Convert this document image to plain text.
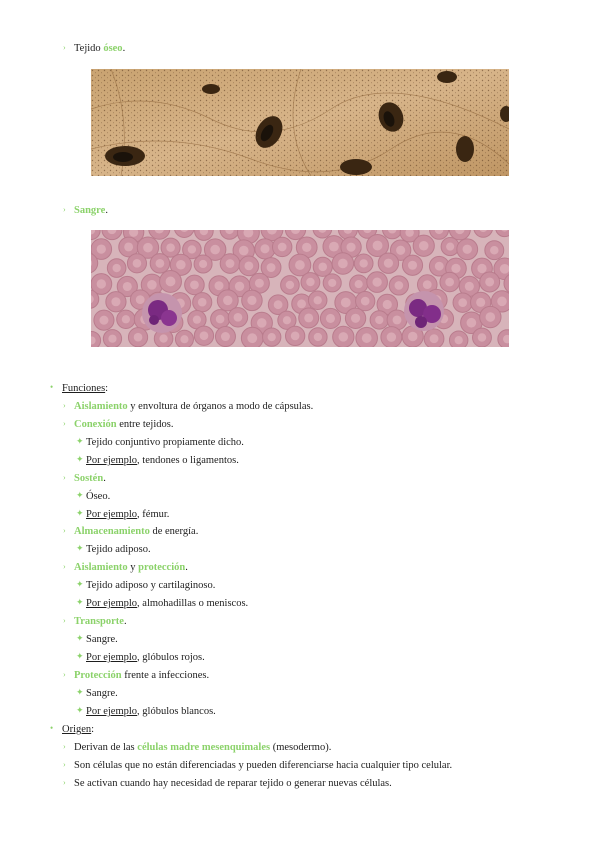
› Tejido óseo.
› Sangre.
• Funciones:
› Aislamiento y envoltura de órganos a modo de cápsulas.
› Conexión entre tejidos.
✦ Tejido conjuntivo propiamente dicho.
✦ Por ejemplo, tendones o ligamentos.
› Sostén.
✦ Óseo.
✦ Por ejemplo, fémur.
› Almacenamiento de energía.
✦ Tejido adiposo.
› Aislamiento y protección.
✦ Tejido adiposo y cartilaginoso.
✦ Por ejemplo, almohadillas o meniscos.
› Transporte.
✦ Sangre.
✦ Por ejemplo, glóbulos rojos.
› Protección frente a infecciones.
✦ Sangre.
✦ Por ejemplo, glóbulos blancos.
• Origen:
› Derivan de las células madre mesenquimales (mesodermo).
› Son células que no están diferenciadas y pueden diferenciarse hacia cualquier tipo celular.
› Se activan cuando hay necesidad de reparar tejido o generar nuevas células.
